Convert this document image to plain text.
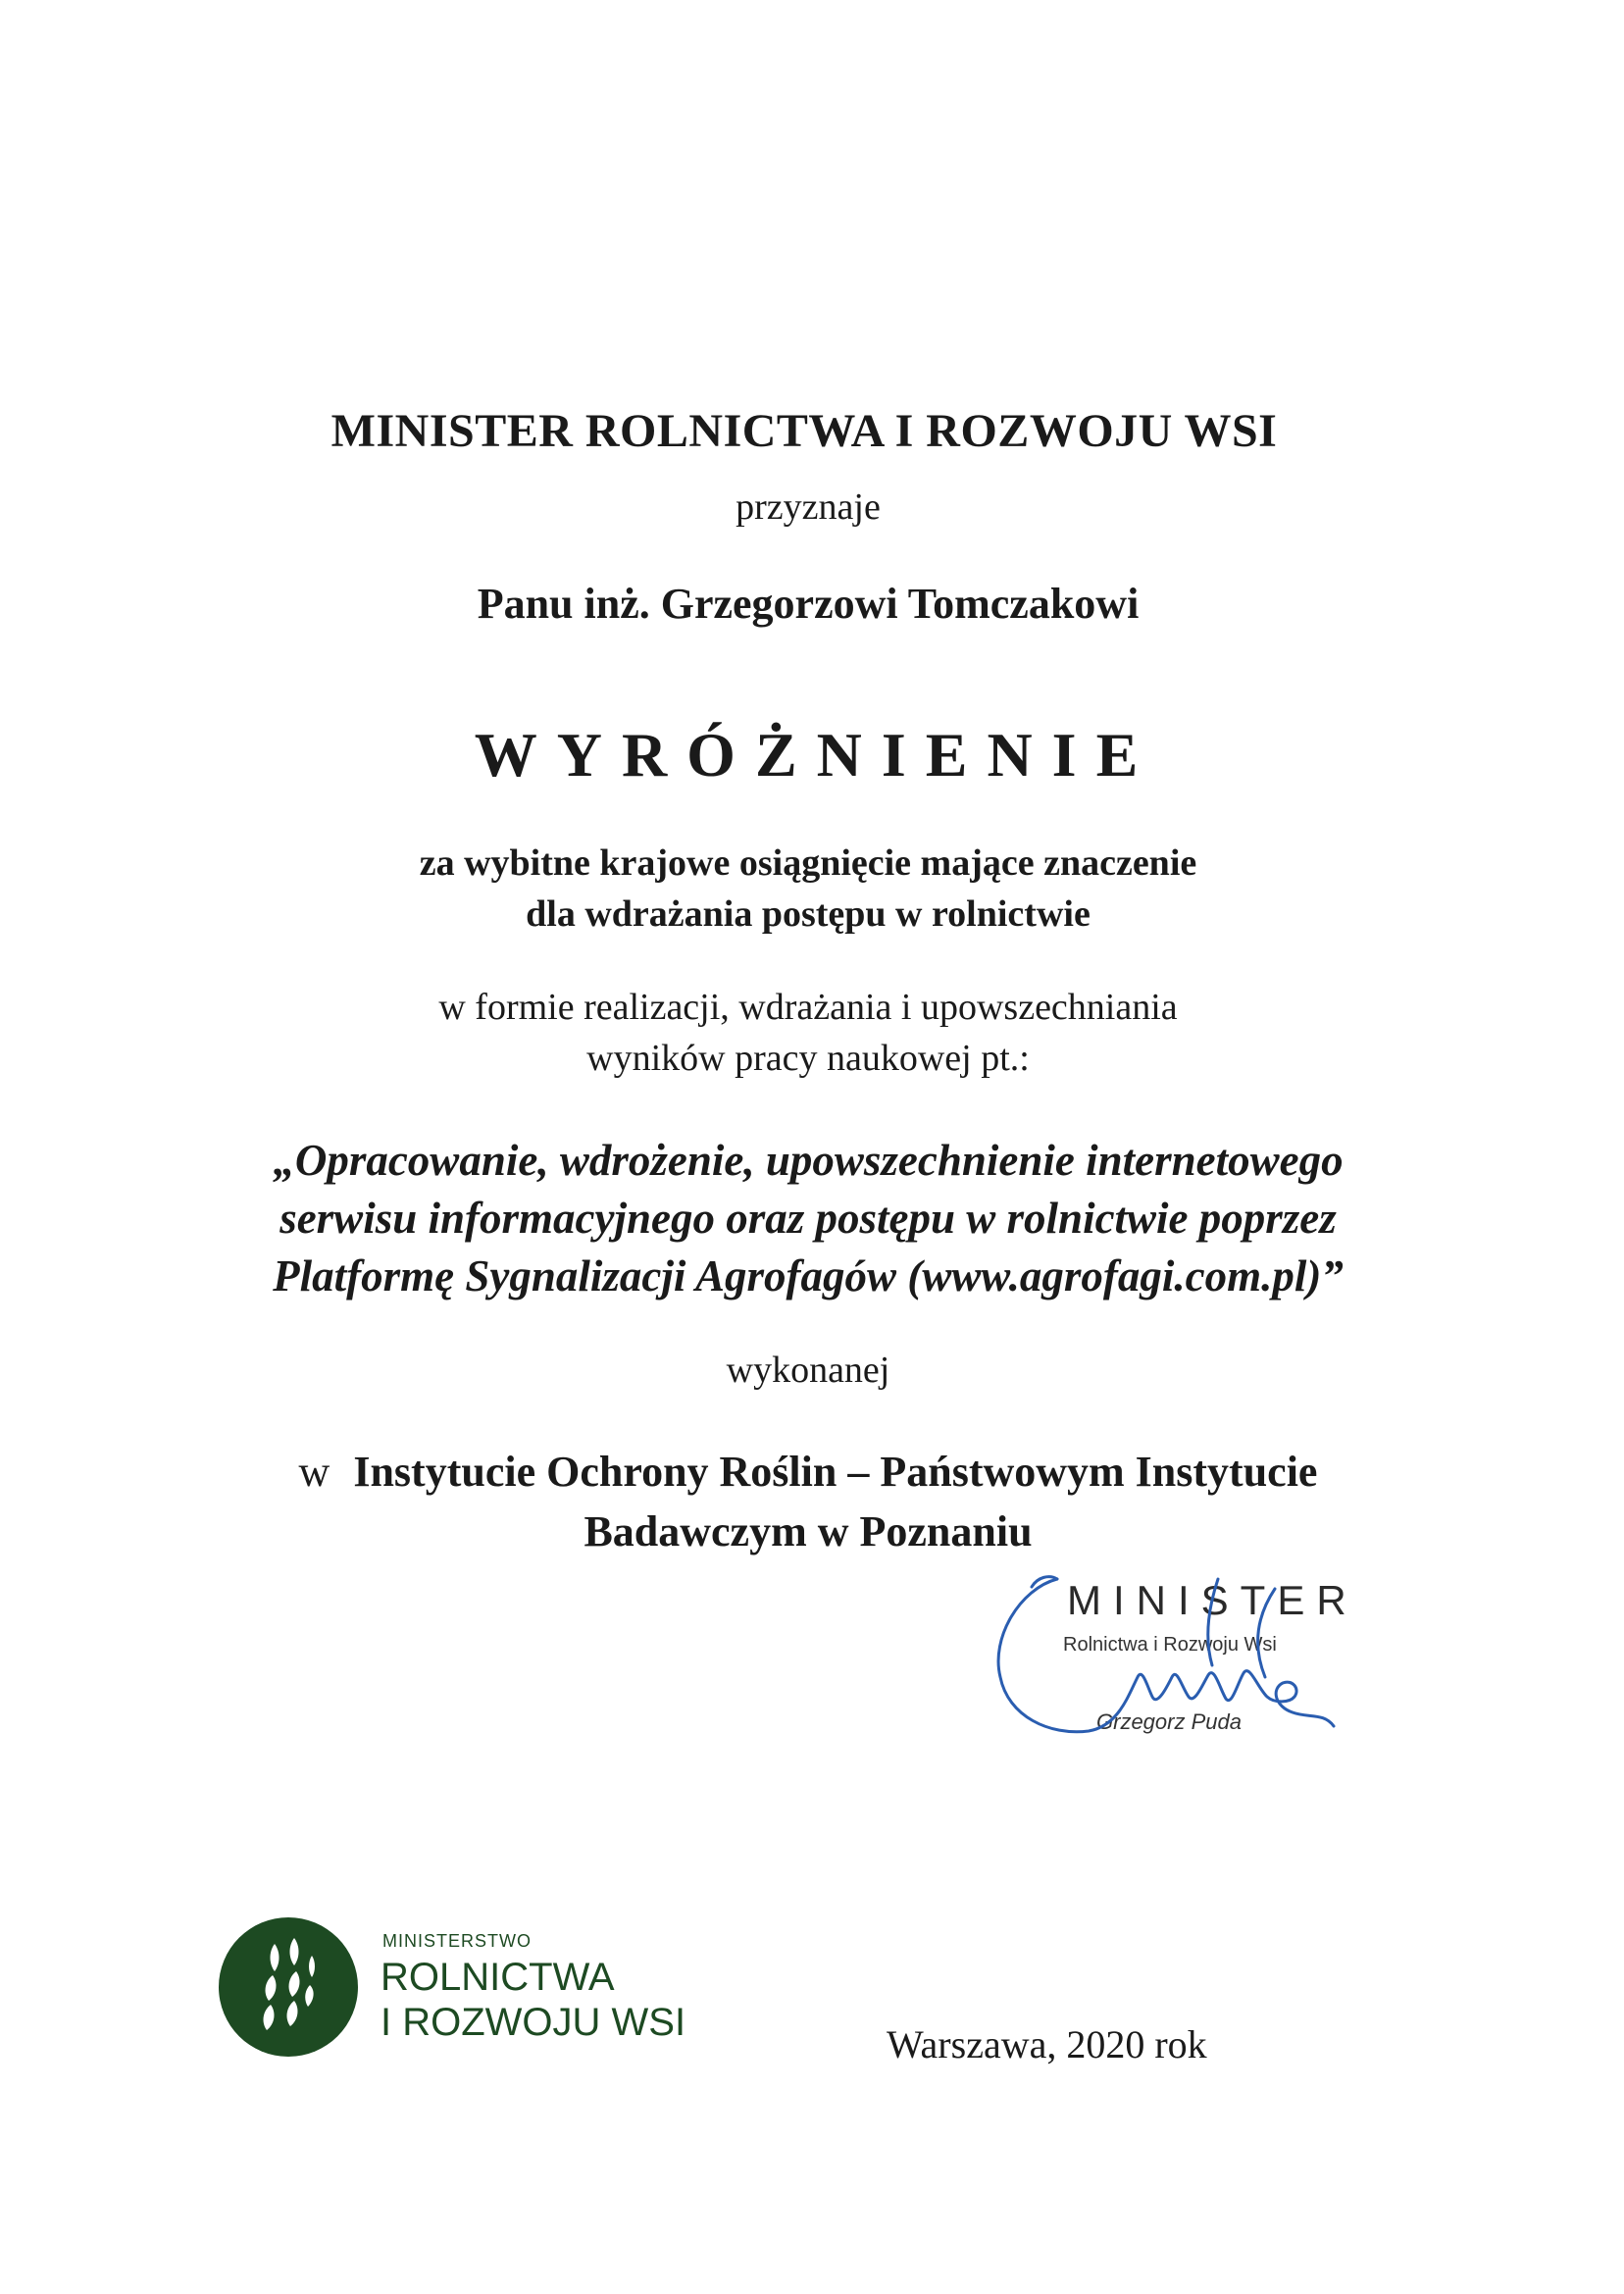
MINISTER ROLNICTWA I ROZWOJU WSI
przyznaje
Panu inż. Grzegorzowi Tomczakowi
WYRÓŻNIENIE
za wybitne krajowe osiągnięcie mające znaczenie
dla wdrażania postępu w rolnictwie
w formie realizacji, wdrażania i upowszechniania
wyników pracy naukowej pt.:
„Opracowanie, wdrożenie, upowszechnienie internetowego
serwisu informacyjnego oraz postępu w rolnictwie poprzez
Platformę Sygnalizacji Agrofagów (www.agrofagi.com.pl)”
wykonanej
w Instytucie Ochrony Roślin – Państwowym Instytucie
Badawczym w Poznaniu
MINISTER
Rolnictwa i Rozwoju Wsi
Grzegorz Puda
MINISTERSTWO
ROLNICTWA
I ROZWOJU WSI	Warszawa, 2020 rok
